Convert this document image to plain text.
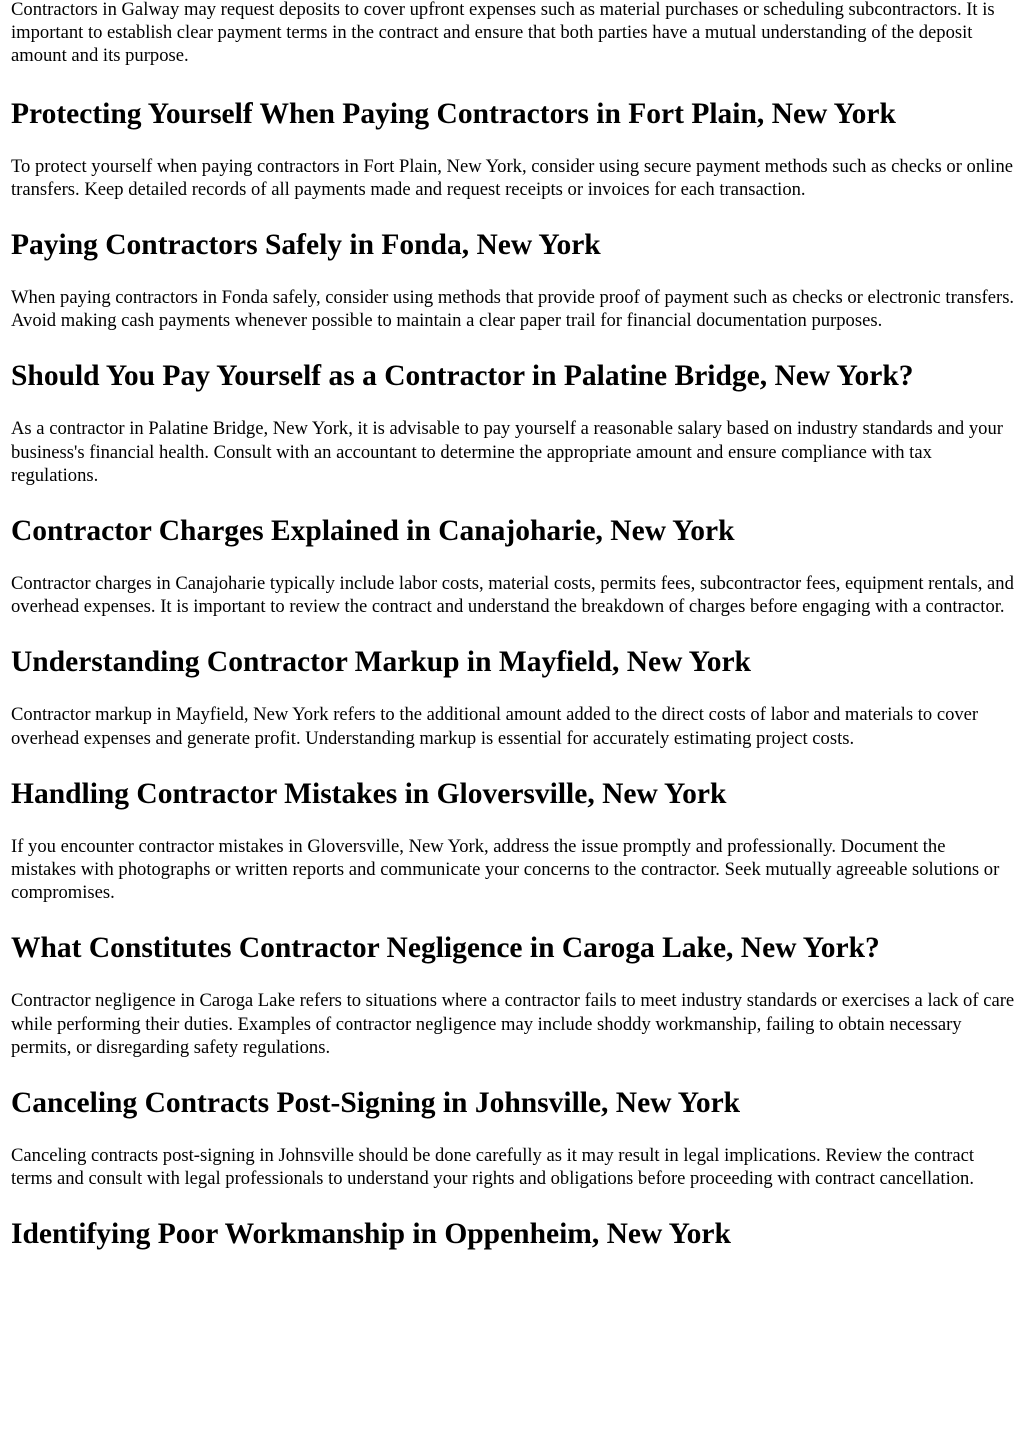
Contractors in Galway may request deposits to cover upfront expenses such as material purchases or scheduling subcontractors. It is important to establish clear payment terms in the contract and ensure that both parties have a mutual understanding of the deposit amount and its purpose.

Protecting Yourself When Paying Contractors in Fort Plain, New York

To protect yourself when paying contractors in Fort Plain, New York, consider using secure payment methods such as checks or online transfers. Keep detailed records of all payments made and request receipts or invoices for each transaction.

Paying Contractors Safely in Fonda, New York

When paying contractors in Fonda safely, consider using methods that provide proof of payment such as checks or electronic transfers. Avoid making cash payments whenever possible to maintain a clear paper trail for financial documentation purposes.

Should You Pay Yourself as a Contractor in Palatine Bridge, New York?

As a contractor in Palatine Bridge, New York, it is advisable to pay yourself a reasonable salary based on industry standards and your business's financial health. Consult with an accountant to determine the appropriate amount and ensure compliance with tax regulations.

Contractor Charges Explained in Canajoharie, New York

Contractor charges in Canajoharie typically include labor costs, material costs, permits fees, subcontractor fees, equipment rentals, and overhead expenses. It is important to review the contract and understand the breakdown of charges before engaging with a contractor.

Understanding Contractor Markup in Mayfield, New York

Contractor markup in Mayfield, New York refers to the additional amount added to the direct costs of labor and materials to cover overhead expenses and generate profit. Understanding markup is essential for accurately estimating project costs.

Handling Contractor Mistakes in Gloversville, New York

If you encounter contractor mistakes in Gloversville, New York, address the issue promptly and professionally. Document the mistakes with photographs or written reports and communicate your concerns to the contractor. Seek mutually agreeable solutions or compromises.

What Constitutes Contractor Negligence in Caroga Lake, New York?

Contractor negligence in Caroga Lake refers to situations where a contractor fails to meet industry standards or exercises a lack of care while performing their duties. Examples of contractor negligence may include shoddy workmanship, failing to obtain necessary permits, or disregarding safety regulations.

Canceling Contracts Post-Signing in Johnsville, New York

Canceling contracts post-signing in Johnsville should be done carefully as it may result in legal implications. Review the contract terms and consult with legal professionals to understand your rights and obligations before proceeding with contract cancellation.

Identifying Poor Workmanship in Oppenheim, New York
